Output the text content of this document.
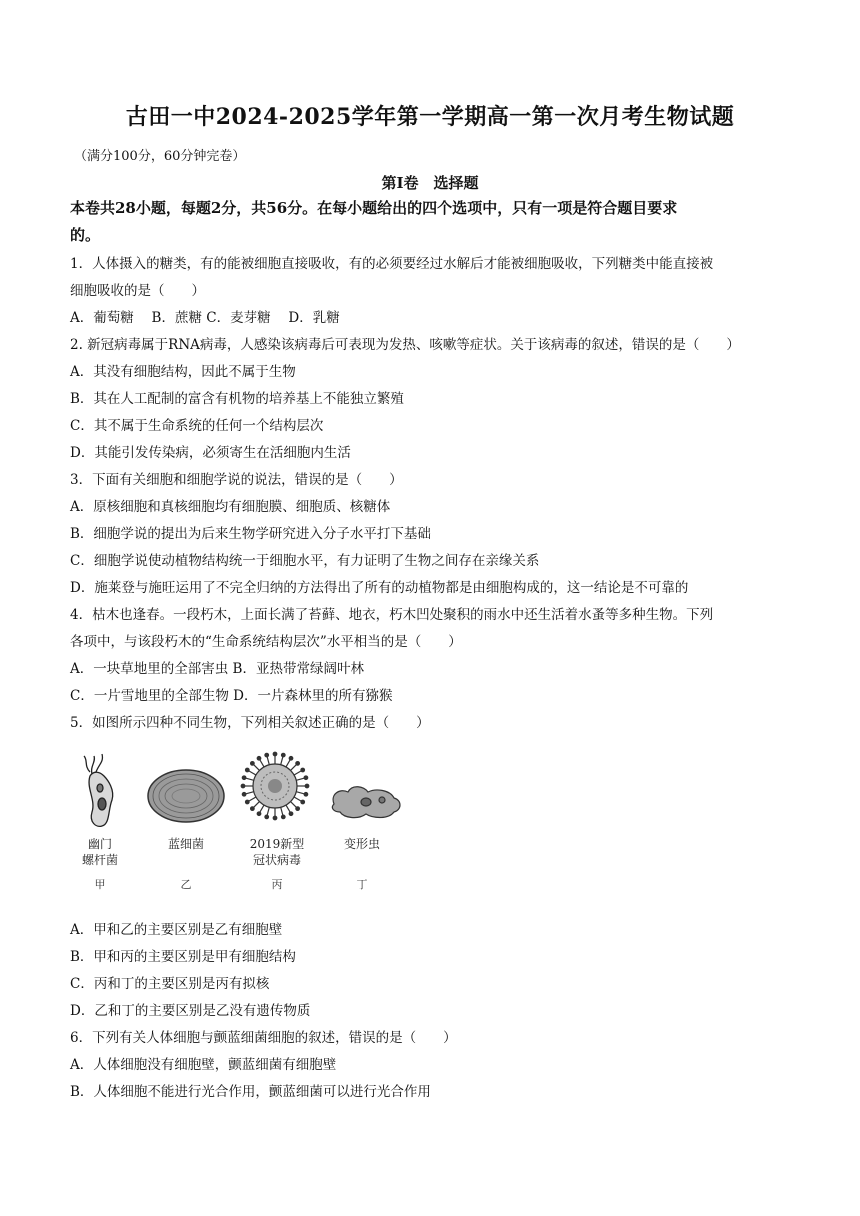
古田一中2024-2025学年第一学期高一第一次月考生物试题
（满分100分，60分钟完卷）
第Ⅰ卷　选择题
本卷共28小题，每题2分，共56分。在每小题给出的四个选项中，只有一项是符合题目要求
的。
1．人体摄入的糖类，有的能被细胞直接吸收，有的必须要经过水解后才能被细胞吸收，下列糖类中能直接被
细胞吸收的是（　　）
A．葡萄糖　 B．蔗糖 C．麦芽糖　 D．乳糖
2. 新冠病毒属于RNA病毒，人感染该病毒后可表现为发热、咳嗽等症状。关于该病毒的叙述，错误的是（　　）
A．其没有细胞结构，因此不属于生物
B．其在人工配制的富含有机物的培养基上不能独立繁殖
C．其不属于生命系统的任何一个结构层次
D．其能引发传染病，必须寄生在活细胞内生活
3．下面有关细胞和细胞学说的说法，错误的是（　　）
A．原核细胞和真核细胞均有细胞膜、细胞质、核糖体
B．细胞学说的提出为后来生物学研究进入分子水平打下基础
C．细胞学说使动植物结构统一于细胞水平，有力证明了生物之间存在亲缘关系
D．施莱登与施旺运用了不完全归纳的方法得出了所有的动植物都是由细胞构成的，这一结论是不可靠的
4．枯木也逢春。一段朽木，上面长满了苔藓、地衣，朽木凹处聚积的雨水中还生活着水蚤等多种生物。下列
各项中，与该段朽木的“生命系统结构层次”水平相当的是（　　）
A．一块草地里的全部害虫 B．亚热带常绿阔叶林
C．一片雪地里的全部生物 D．一片森林里的所有猕猴
5．如图所示四种不同生物，下列相关叙述正确的是（　　）
幽门
螺杆菌
甲
蓝细菌
乙
2019新型
冠状病毒
丙
变形虫
丁
A．甲和乙的主要区别是乙有细胞壁
B．甲和丙的主要区别是甲有细胞结构
C．丙和丁的主要区别是丙有拟核
D．乙和丁的主要区别是乙没有遗传物质
6．下列有关人体细胞与颤蓝细菌细胞的叙述，错误的是（　　）
A．人体细胞没有细胞壁，颤蓝细菌有细胞壁
B．人体细胞不能进行光合作用，颤蓝细菌可以进行光合作用
